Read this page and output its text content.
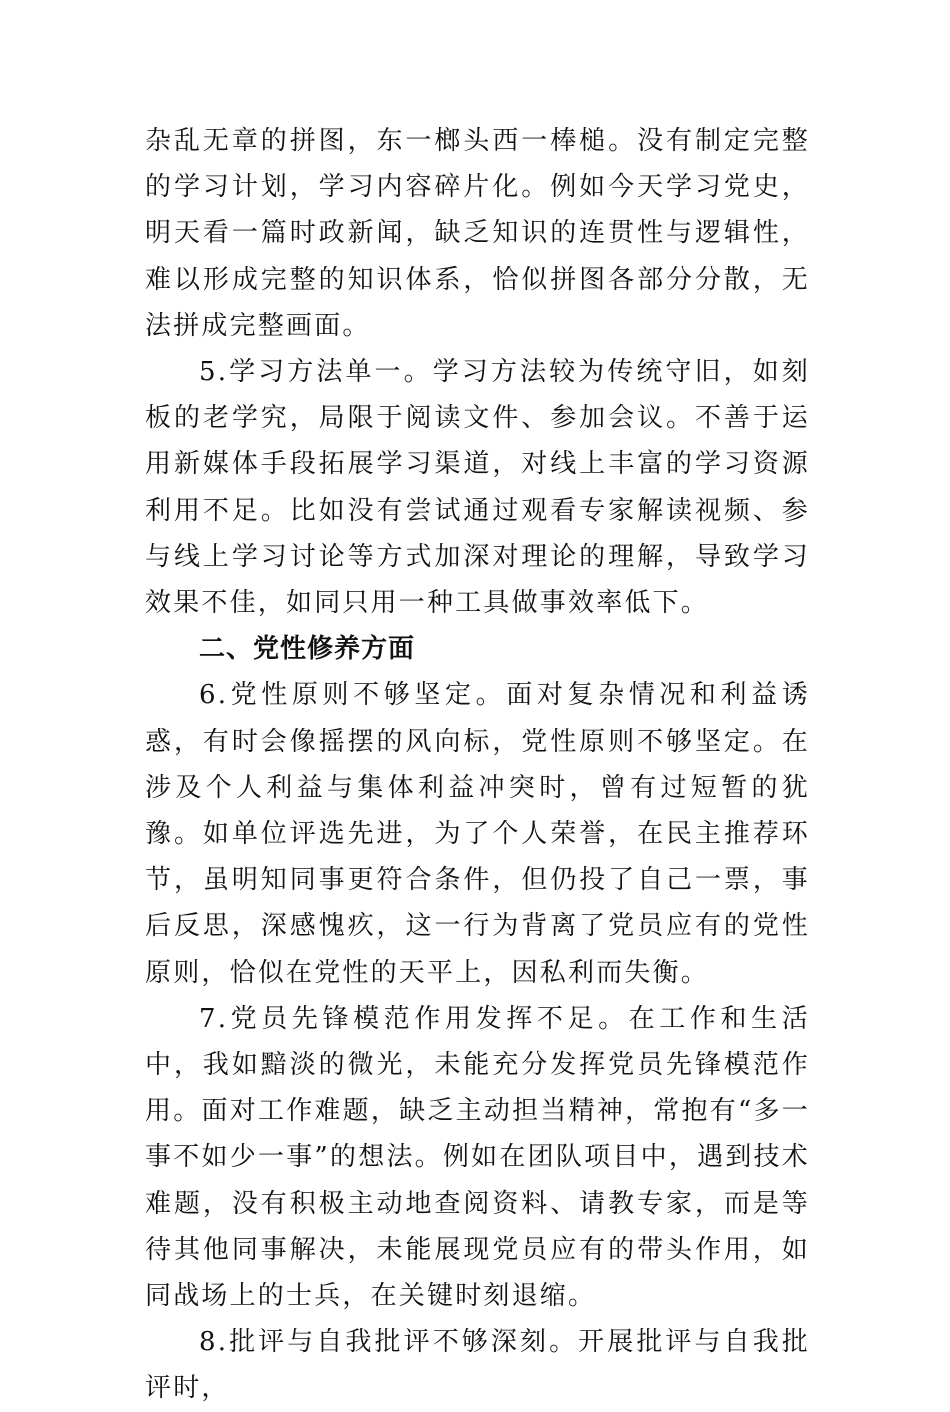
杂乱无章的拼图，东一榔头西一棒槌。没有制定完整的学习计划，学习内容碎片化。例如今天学习党史，明天看一篇时政新闻，缺乏知识的连贯性与逻辑性，难以形成完整的知识体系，恰似拼图各部分分散，无法拼成完整画面。

5.学习方法单一。学习方法较为传统守旧，如刻板的老学究，局限于阅读文件、参加会议。不善于运用新媒体手段拓展学习渠道，对线上丰富的学习资源利用不足。比如没有尝试通过观看专家解读视频、参与线上学习讨论等方式加深对理论的理解，导致学习效果不佳，如同只用一种工具做事效率低下。

二、党性修养方面

6.党性原则不够坚定。面对复杂情况和利益诱惑，有时会像摇摆的风向标，党性原则不够坚定。在涉及个人利益与集体利益冲突时，曾有过短暂的犹豫。如单位评选先进，为了个人荣誉，在民主推荐环节，虽明知同事更符合条件，但仍投了自己一票，事后反思，深感愧疚，这一行为背离了党员应有的党性原则，恰似在党性的天平上，因私利而失衡。

7.党员先锋模范作用发挥不足。在工作和生活中，我如黯淡的微光，未能充分发挥党员先锋模范作用。面对工作难题，缺乏主动担当精神，常抱有“多一事不如少一事”的想法。例如在团队项目中，遇到技术难题，没有积极主动地查阅资料、请教专家，而是等待其他同事解决，未能展现党员应有的带头作用，如同战场上的士兵，在关键时刻退缩。

8.批评与自我批评不够深刻。开展批评与自我批评时，
